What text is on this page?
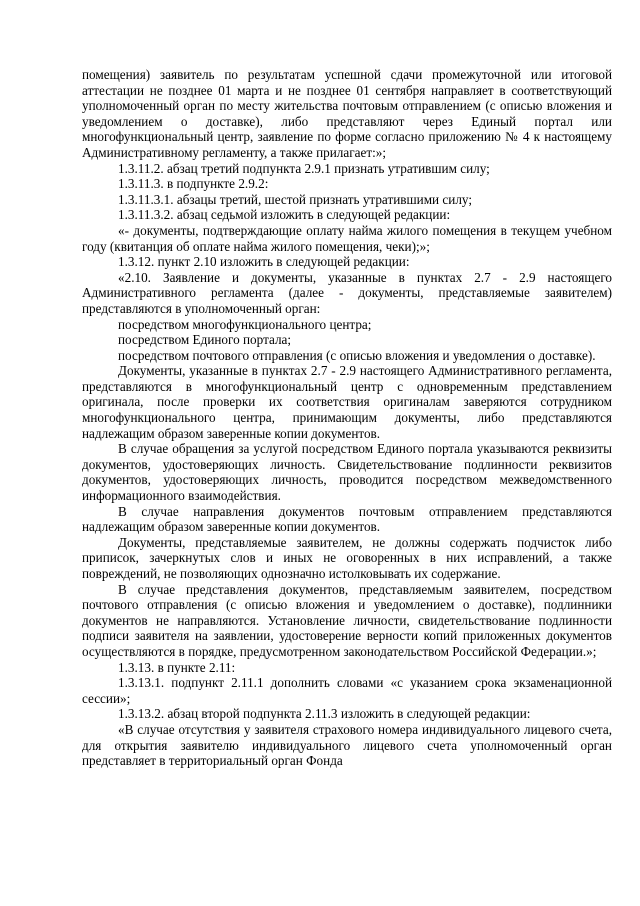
помещения) заявитель по результатам успешной сдачи промежуточной или итоговой аттестации не позднее 01 марта и не позднее 01 сентября направляет в соответствующий уполномоченный орган по месту жительства почтовым отправлением (с описью вложения и уведомлением о доставке), либо представляют через Единый портал или многофункциональный центр, заявление по форме согласно приложению № 4 к настоящему Административному регламенту, а также прилагает:»;

1.3.11.2. абзац третий подпункта 2.9.1 признать утратившим силу;

1.3.11.3. в подпункте 2.9.2:

1.3.11.3.1. абзацы третий, шестой признать утратившими силу;

1.3.11.3.2. абзац седьмой изложить в следующей редакции:

«- документы, подтверждающие оплату найма жилого помещения в текущем учебном году (квитанция об оплате найма жилого помещения, чеки);»;

1.3.12. пункт 2.10 изложить в следующей редакции:

«2.10. Заявление и документы, указанные в пунктах 2.7 - 2.9 настоящего Административного регламента (далее - документы, представляемые заявителем) представляются в уполномоченный орган:

посредством многофункционального центра;

посредством Единого портала;

посредством почтового отправления (с описью вложения и уведомления о доставке).

Документы, указанные в пунктах 2.7 - 2.9 настоящего Административного регламента, представляются в многофункциональный центр с одновременным представлением оригинала, после проверки их соответствия оригиналам заверяются сотрудником многофункционального центра, принимающим документы, либо представляются надлежащим образом заверенные копии документов.

В случае обращения за услугой посредством Единого портала указываются реквизиты документов, удостоверяющих личность. Свидетельствование подлинности реквизитов документов, удостоверяющих личность, проводится посредством межведомственного информационного взаимодействия.

В случае направления документов почтовым отправлением представляются надлежащим образом заверенные копии документов.

Документы, представляемые заявителем, не должны содержать подчисток либо приписок, зачеркнутых слов и иных не оговоренных в них исправлений, а также повреждений, не позволяющих однозначно истолковывать их содержание.

В случае представления документов, представляемым заявителем, посредством почтового отправления (с описью вложения и уведомлением о доставке), подлинники документов не направляются. Установление личности, свидетельствование подлинности подписи заявителя на заявлении, удостоверение верности копий приложенных документов осуществляются в порядке, предусмотренном законодательством Российской Федерации.»;

1.3.13. в пункте 2.11:

1.3.13.1. подпункт 2.11.1 дополнить словами «с указанием срока экзаменационной сессии»;

1.3.13.2. абзац второй подпункта 2.11.3 изложить в следующей редакции:

«В случае отсутствия у заявителя страхового номера индивидуального лицевого счета, для открытия заявителю индивидуального лицевого счета уполномоченный орган представляет в территориальный орган Фонда
